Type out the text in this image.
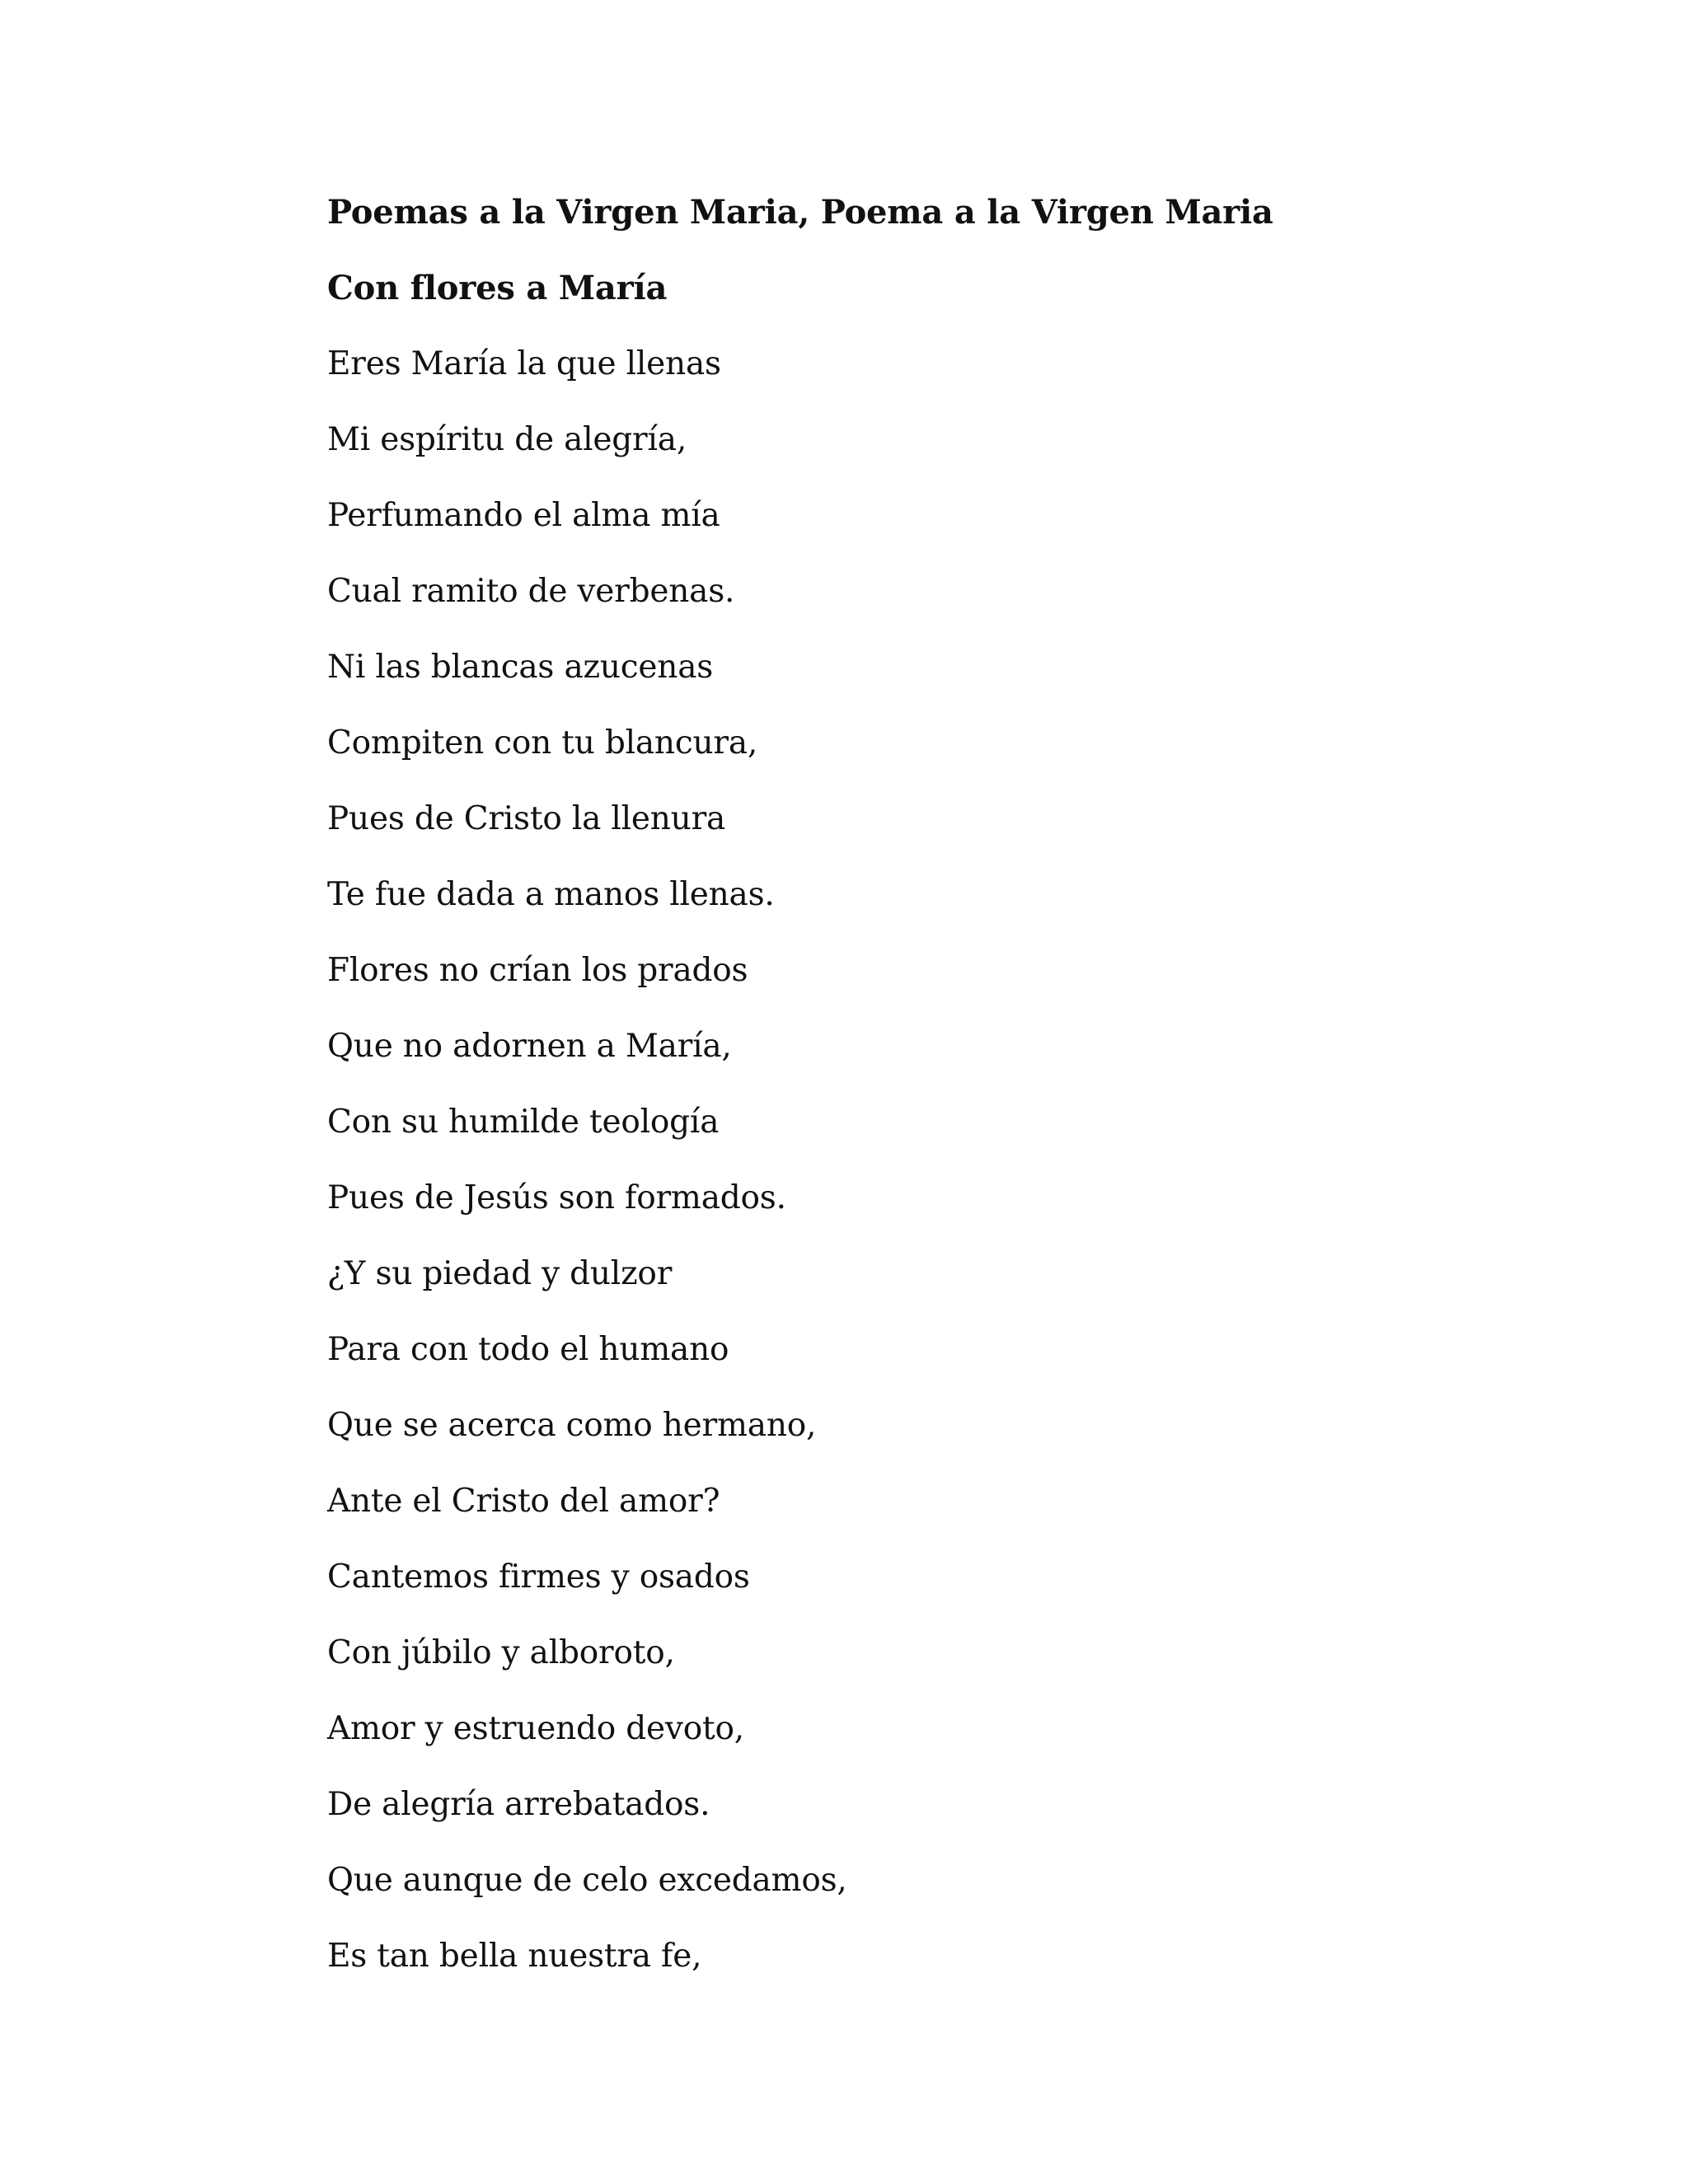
Poemas a la Virgen Maria, Poema a la Virgen Maria
Con flores a María
Eres María la que llenas
Mi espíritu de alegría,
Perfumando el alma mía
Cual ramito de verbenas.
Ni las blancas azucenas
Compiten con tu blancura,
Pues de Cristo la llenura
Te fue dada a manos llenas.
Flores no crían los prados
Que no adornen a María,
Con su humilde teología
Pues de Jesús son formados.
¿Y su piedad y dulzor
Para con todo el humano
Que se acerca como hermano,
Ante el Cristo del amor?
Cantemos firmes y osados
Con júbilo y alboroto,
Amor y estruendo devoto,
De alegría arrebatados.
Que aunque de celo excedamos,
Es tan bella nuestra fe,
